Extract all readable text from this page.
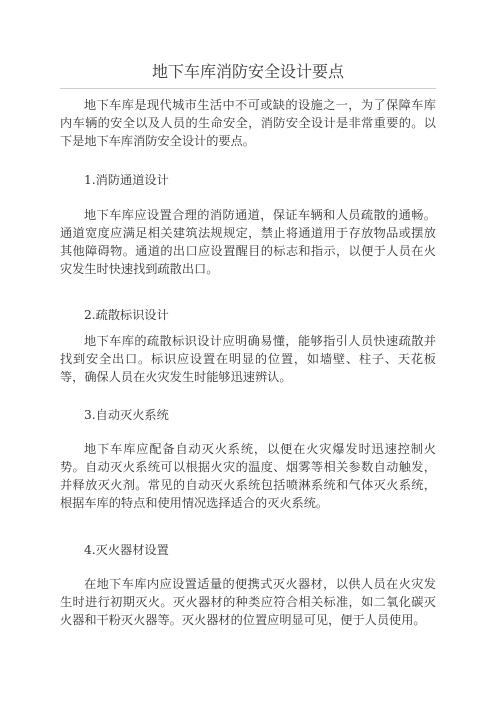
地下车库消防安全设计要点

地下车库是现代城市生活中不可或缺的设施之一，为了保障车库内车辆的安全以及人员的生命安全，消防安全设计是非常重要的。以下是地下车库消防安全设计的要点。

1.消防通道设计

地下车库应设置合理的消防通道，保证车辆和人员疏散的通畅。通道宽度应满足相关建筑法规规定，禁止将通道用于存放物品或摆放其他障碍物。通道的出口应设置醒目的标志和指示，以便于人员在火灾发生时快速找到疏散出口。

2.疏散标识设计

地下车库的疏散标识设计应明确易懂，能够指引人员快速疏散并找到安全出口。标识应设置在明显的位置，如墙壁、柱子、天花板等，确保人员在火灾发生时能够迅速辨认。

3.自动灭火系统

地下车库应配备自动灭火系统，以便在火灾爆发时迅速控制火势。自动灭火系统可以根据火灾的温度、烟雾等相关参数自动触发，并释放灭火剂。常见的自动灭火系统包括喷淋系统和气体灭火系统，根据车库的特点和使用情况选择适合的灭火系统。

4.灭火器材设置

在地下车库内应设置适量的便携式灭火器材，以供人员在火灾发生时进行初期灭火。灭火器材的种类应符合相关标准，如二氧化碳灭火器和干粉灭火器等。灭火器材的位置应明显可见，便于人员使用。
